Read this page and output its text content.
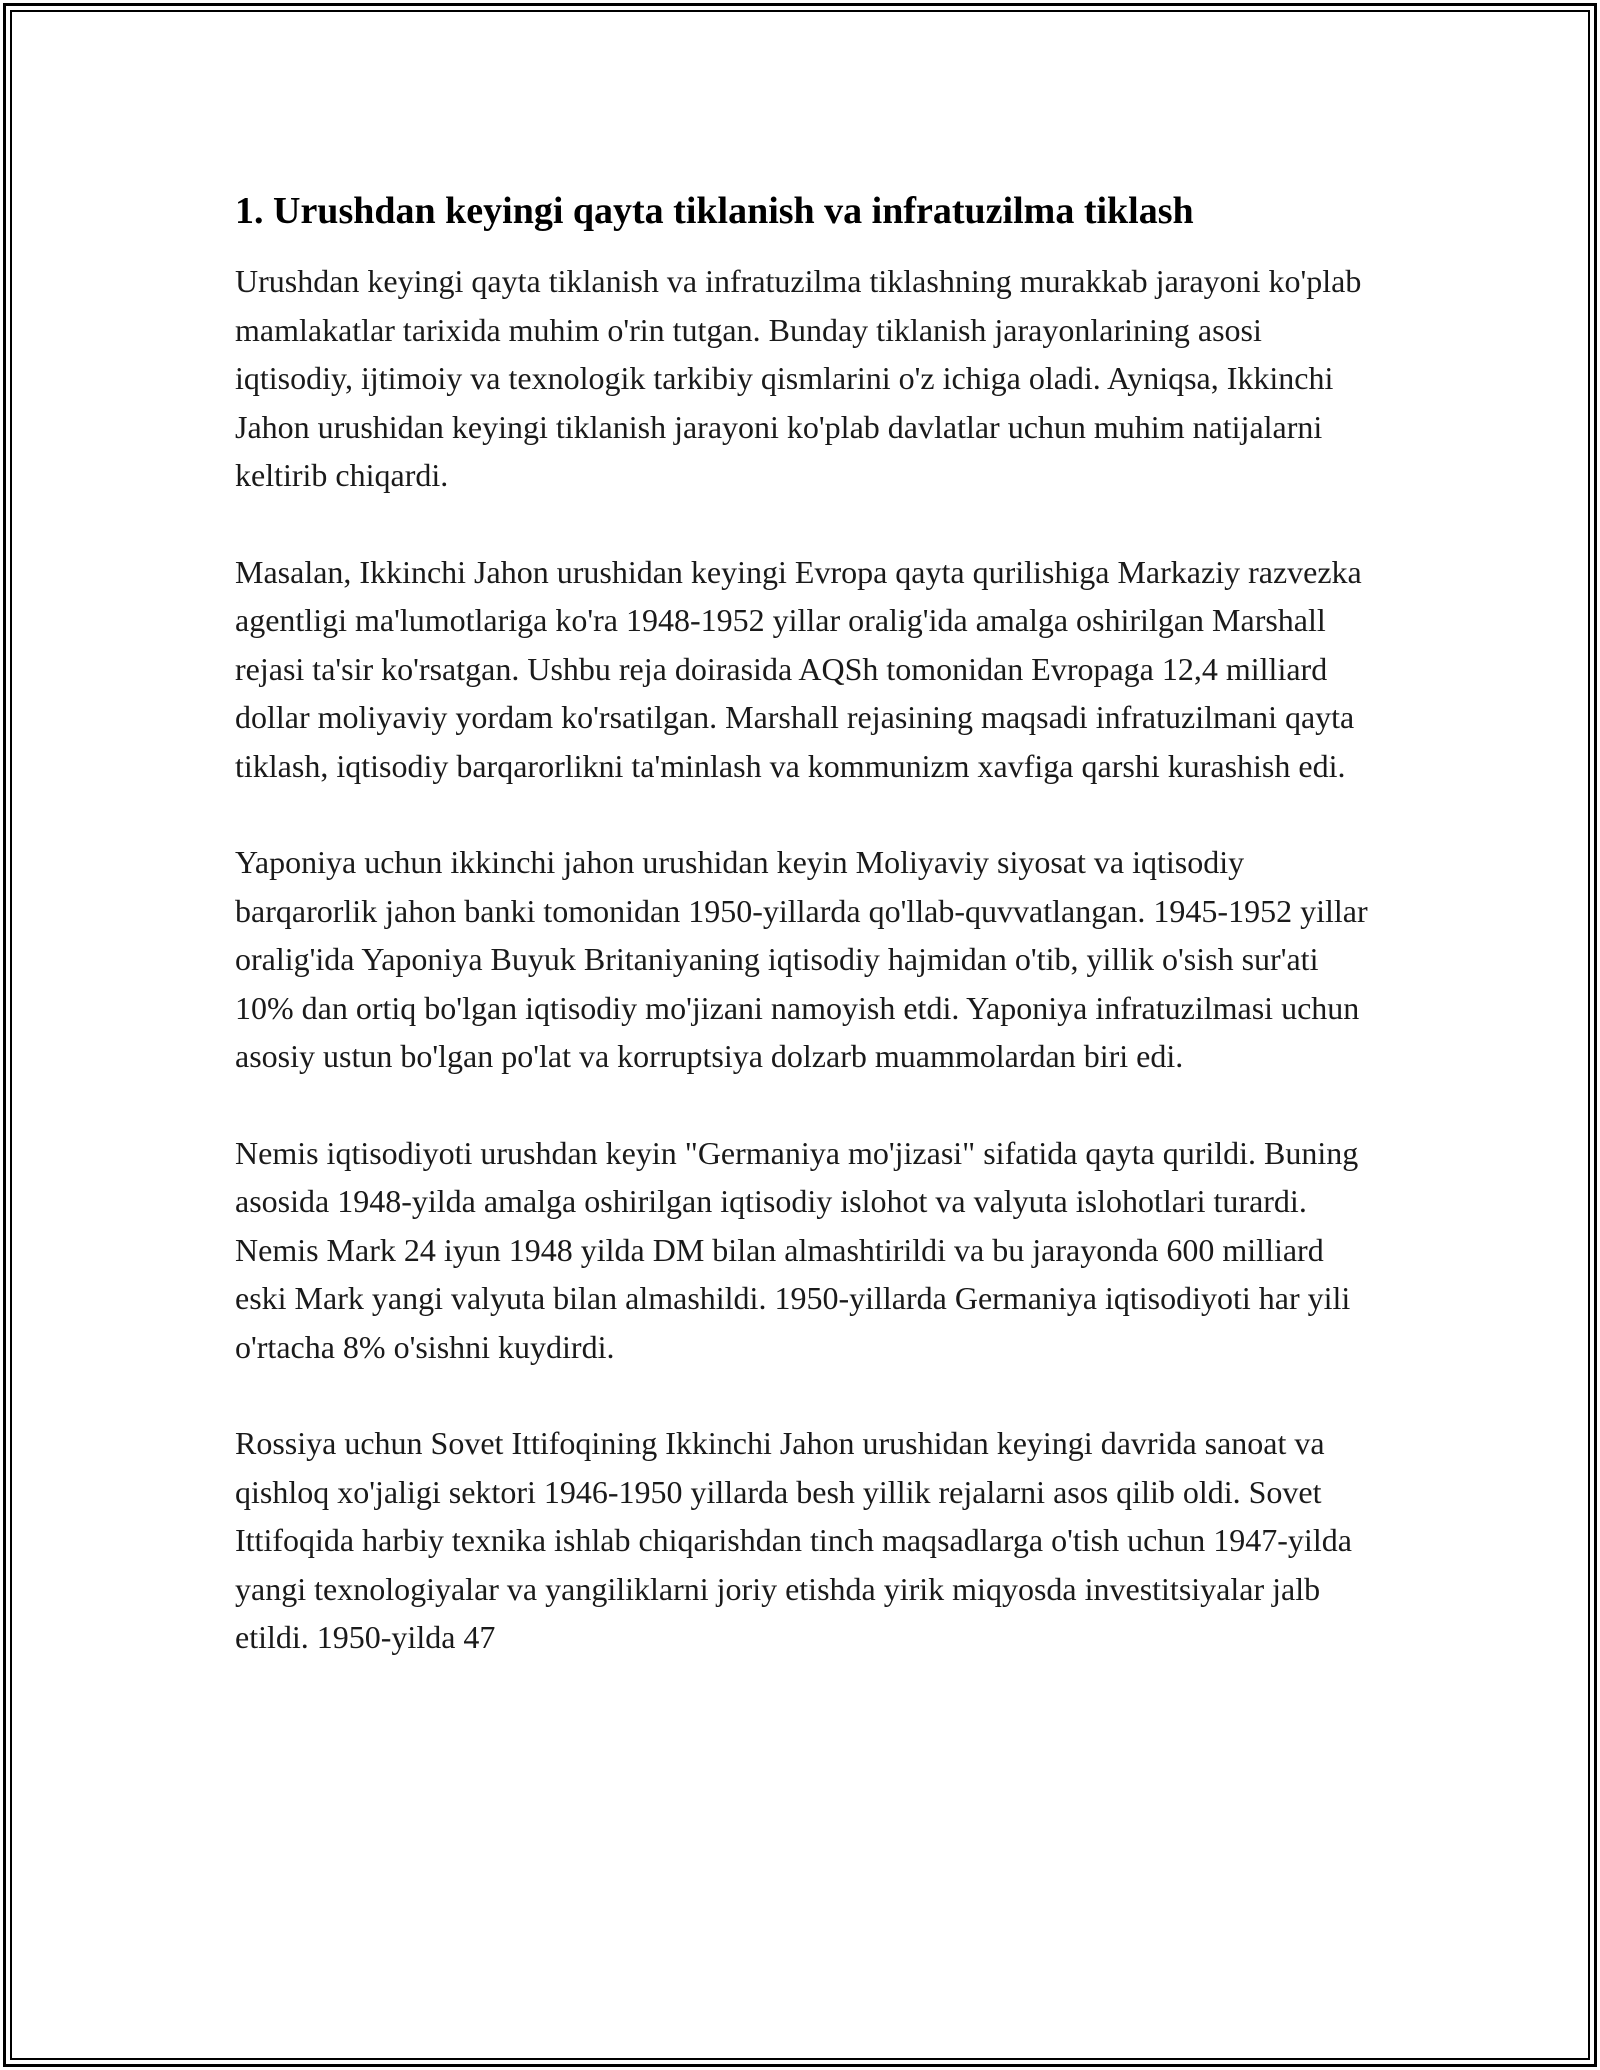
1. Urushdan keyingi qayta tiklanish va infratuzilma tiklash

Urushdan keyingi qayta tiklanish va infratuzilma tiklashning murakkab jarayoni ko'plab mamlakatlar tarixida muhim o'rin tutgan. Bunday tiklanish jarayonlarining asosi iqtisodiy, ijtimoiy va texnologik tarkibiy qismlarini o'z ichiga oladi. Ayniqsa, Ikkinchi Jahon urushidan keyingi tiklanish jarayoni ko'plab davlatlar uchun muhim natijalarni keltirib chiqardi.

Masalan, Ikkinchi Jahon urushidan keyingi Evropa qayta qurilishiga Markaziy razvezka agentligi ma'lumotlariga ko'ra 1948-1952 yillar oralig'ida amalga oshirilgan Marshall rejasi ta'sir ko'rsatgan. Ushbu reja doirasida AQSh tomonidan Evropaga 12,4 milliard dollar moliyaviy yordam ko'rsatilgan. Marshall rejasining maqsadi infratuzilmani qayta tiklash, iqtisodiy barqarorlikni ta'minlash va kommunizm xavfiga qarshi kurashish edi.

Yaponiya uchun ikkinchi jahon urushidan keyin Moliyaviy siyosat va iqtisodiy barqarorlik jahon banki tomonidan 1950-yillarda qo'llab-quvvatlangan. 1945-1952 yillar oralig'ida Yaponiya Buyuk Britaniyaning iqtisodiy hajmidan o'tib, yillik o'sish sur'ati 10% dan ortiq bo'lgan iqtisodiy mo'jizani namoyish etdi. Yaponiya infratuzilmasi uchun asosiy ustun bo'lgan po'lat va korruptsiya dolzarb muammolardan biri edi.

Nemis iqtisodiyoti urushdan keyin "Germaniya mo'jizasi" sifatida qayta qurildi. Buning asosida 1948-yilda amalga oshirilgan iqtisodiy islohot va valyuta islohotlari turardi. Nemis Mark 24 iyun 1948 yilda DM bilan almashtirildi va bu jarayonda 600 milliard eski Mark yangi valyuta bilan almashildi. 1950-yillarda Germaniya iqtisodiyoti har yili o'rtacha 8% o'sishni kuydirdi.

Rossiya uchun Sovet Ittifoqining Ikkinchi Jahon urushidan keyingi davrida sanoat va qishloq xo'jaligi sektori 1946-1950 yillarda besh yillik rejalarni asos qilib oldi. Sovet Ittifoqida harbiy texnika ishlab chiqarishdan tinch maqsadlarga o'tish uchun 1947-yilda yangi texnologiyalar va yangiliklarni joriy etishda yirik miqyosda investitsiyalar jalb etildi. 1950-yilda 47
